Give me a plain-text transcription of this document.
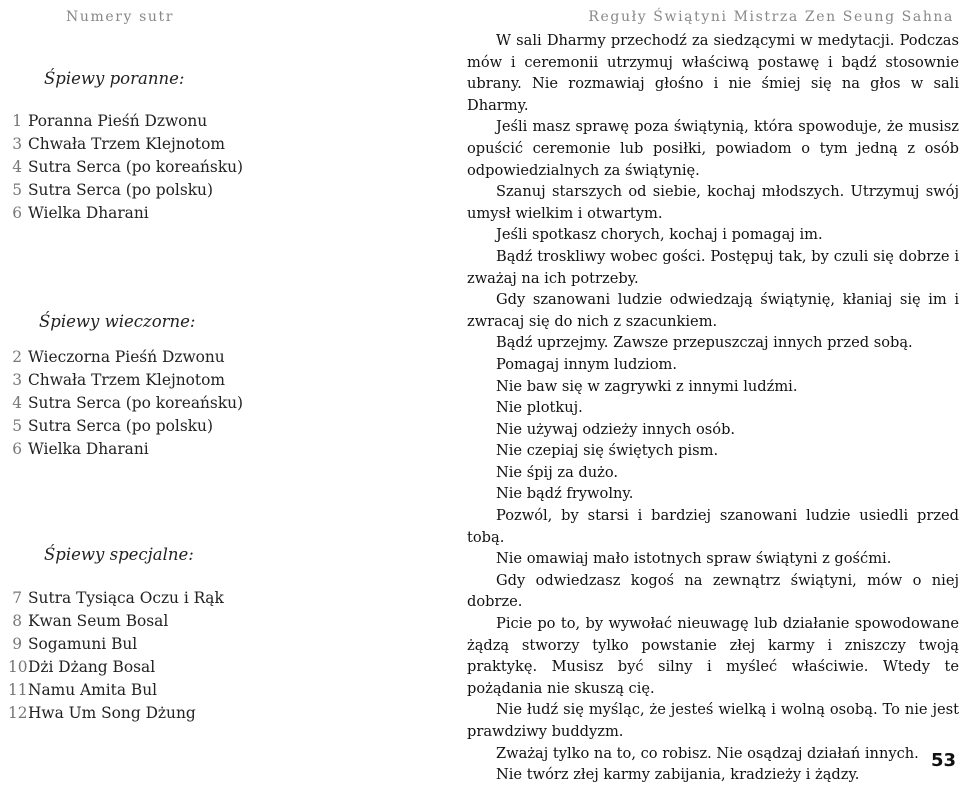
Numery sutr
Śpiewy poranne:
1 Poranna Pieśń Dzwonu
3 Chwała Trzem Klejnotom
4 Sutra Serca (po koreańsku)
5 Sutra Serca (po polsku)
6 Wielka Dharani
Śpiewy wieczorne:
2 Wieczorna Pieśń Dzwonu
3 Chwała Trzem Klejnotom
4 Sutra Serca (po koreańsku)
5 Sutra Serca (po polsku)
6 Wielka Dharani
Śpiewy specjalne:
7 Sutra Tysiąca Oczu i Rąk
8 Kwan Seum Bosal
9 Sogamuni Bul
10Dżi Dżang Bosal
11Namu Amita Bul
12Hwa Um Song Dżung
Reguły Świątyni Mistrza Zen Seung Sahna

W sali Dharmy przechodź za siedzącymi w medytacji. Podczas mów i ceremonii utrzymuj właściwą postawę i bądź stosownie ubrany. Nie rozmawiaj głośno i nie śmiej się na głos w sali Dharmy.

Jeśli masz sprawę poza świątynią, która spowoduje, że musisz opuścić ceremonie lub posiłki, powiadom o tym jedną z osób odpowiedzialnych za świątynię.

Szanuj starszych od siebie, kochaj młodszych. Utrzymuj swój umysł wielkim i otwartym.

Jeśli spotkasz chorych, kochaj i pomagaj im.

Bądź troskliwy wobec gości. Postępuj tak, by czuli się dobrze i zważaj na ich potrzeby.

Gdy szanowani ludzie odwiedzają świątynię, kłaniaj się im i zwracaj się do nich z szacunkiem.

Bądź uprzejmy. Zawsze przepuszczaj innych przed sobą.

Pomagaj innym ludziom.

Nie baw się w zagrywki z innymi ludźmi.

Nie plotkuj.

Nie używaj odzieży innych osób.

Nie czepiaj się świętych pism.

Nie śpij za dużo.

Nie bądź frywolny.

Pozwól, by starsi i bardziej szanowani ludzie usiedli przed tobą.

Nie omawiaj mało istotnych spraw świątyni z gośćmi.

Gdy odwiedzasz kogoś na zewnątrz świątyni, mów o niej dobrze.

Picie po to, by wywołać nieuwagę lub działanie spowodowane żądzą stworzy tylko powstanie złej karmy i zniszczy twoją praktykę. Musisz być silny i myśleć właściwie. Wtedy te pożądania nie skuszą cię.

Nie łudź się myśląc, że jesteś wielką i wolną osobą. To nie jest prawdziwy buddyzm.

Zważaj tylko na to, co robisz. Nie osądzaj działań innych.

Nie twórz złej karmy zabijania, kradzieży i żądzy.

53
